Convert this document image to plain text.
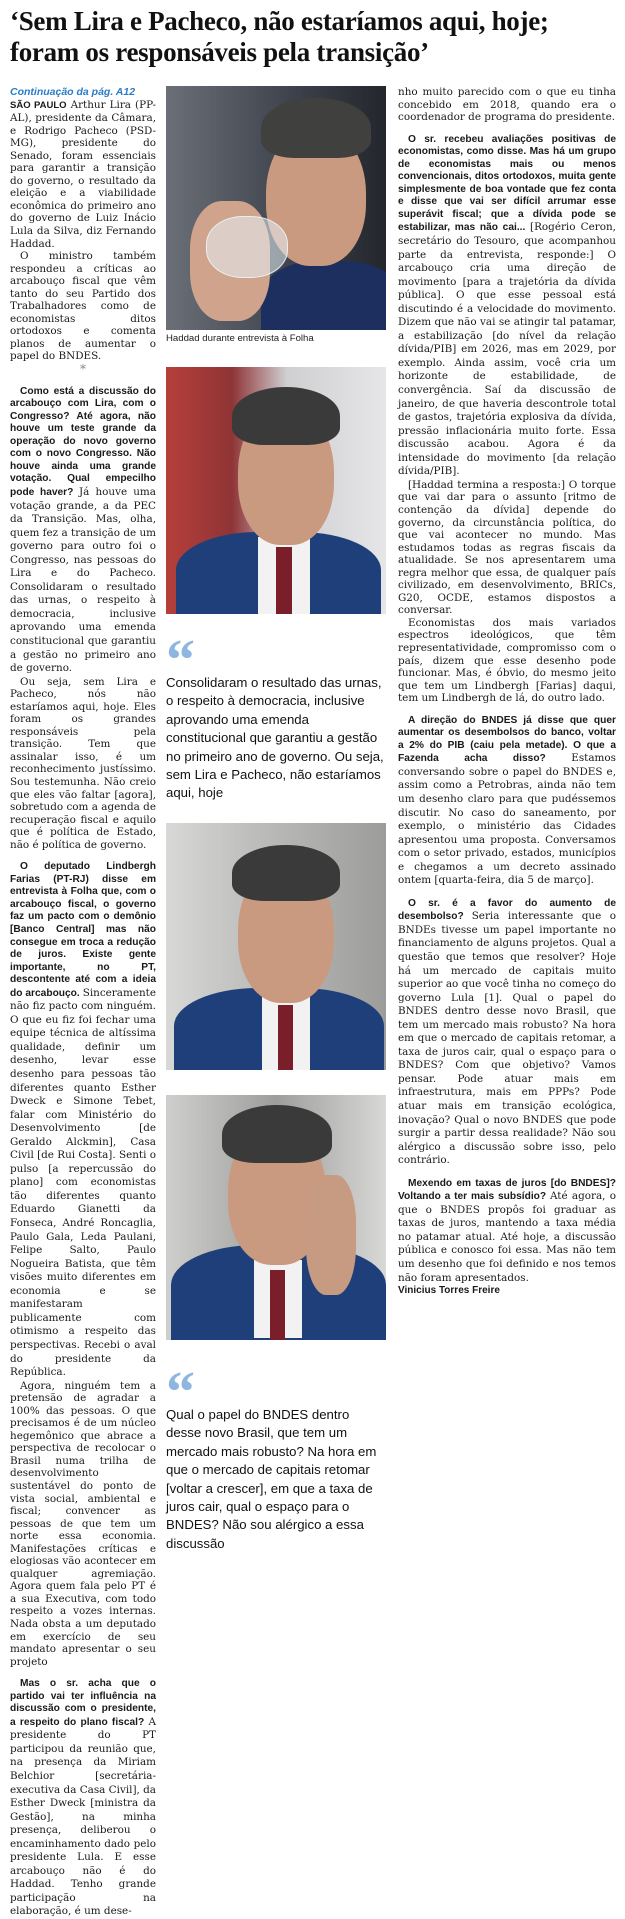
‘Sem Lira e Pacheco, não estaríamos aqui, hoje; foram os responsáveis pela transição’
Continuação da pág. A12

SÃO PAULO Arthur Lira (PP-AL), presidente da Câmara, e Rodrigo Pacheco (PSD-MG), presidente do Senado, foram essenciais para garantir a transição do governo, o resultado da eleição e a viabilidade econômica do primeiro ano do governo de Luiz Inácio Lula da Silva, diz Fernando Haddad.

O ministro também respondeu a críticas ao arcabouço fiscal que vêm tanto do seu Partido dos Trabalhadores como de economistas ditos ortodoxos e comenta planos de aumentar o papel do BNDES.

*

Como está a discussão do arcabouço com Lira, com o Congresso? Até agora, não houve um teste grande da operação do novo governo com o novo Congresso. Não houve ainda uma grande votação. Qual empecilho pode haver? Já houve uma votação grande, a da PEC da Transição. Mas, olha, quem fez a transição de um governo para outro foi o Congresso, nas pessoas do Lira e do Pacheco. Consolidaram o resultado das urnas, o respeito à democracia, inclusive aprovando uma emenda constitucional que garantiu a gestão no primeiro ano de governo.

Ou seja, sem Lira e Pacheco, nós não estaríamos aqui, hoje. Eles foram os grandes responsáveis pela transição. Tem que assinalar isso, é um reconhecimento justíssimo. Sou testemunha. Não creio que eles vão faltar [agora], sobretudo com a agenda de recuperação fiscal e aquilo que é política de Estado, não é política de governo.

O deputado Lindbergh Farias (PT-RJ) disse em entrevista à Folha que, com o arcabouço fiscal, o governo faz um pacto com o demônio [Banco Central] mas não consegue em troca a redução de juros. Existe gente importante, no PT, descontente até com a ideia do arcabouço. Sinceramente não fiz pacto com ninguém. O que eu fiz foi fechar uma equipe técnica de altíssima qualidade, definir um desenho, levar esse desenho para pessoas tão diferentes quanto Esther Dweck e Simone Tebet, falar com Ministério do Desenvolvimento [de Geraldo Alckmin], Casa Civil [de Rui Costa]. Senti o pulso [a repercussão do plano] com economistas tão diferentes quanto Eduardo Gianetti da Fonseca, André Roncaglia, Paulo Gala, Leda Paulani, Felipe Salto, Paulo Nogueira Batista, que têm visões muito diferentes em economia e se manifestaram publicamente com otimismo a respeito das perspectivas. Recebi o aval do presidente da República.

Agora, ninguém tem a pretensão de agradar a 100% das pessoas. O que precisamos é de um núcleo hegemônico que abrace a perspectiva de recolocar o Brasil numa trilha de desenvolvimento sustentável do ponto de vista social, ambiental e fiscal; convencer as pessoas de que tem um norte essa economia. Manifestações críticas e elogiosas vão acontecer em qualquer agremiação. Agora quem fala pelo PT é a sua Executiva, com todo respeito a vozes internas. Nada obsta a um deputado em exercício de seu mandato apresentar o seu projeto

Mas o sr. acha que o partido vai ter influência na discussão com o presidente, a respeito do plano fiscal? A presidente do PT participou da reunião que, na presença da Miriam Belchior [secretária-executiva da Casa Civil], da Esther Dweck [ministra da Gestão], na minha presença, deliberou o encaminhamento dado pelo presidente Lula. E esse arcabouço não é do Haddad. Tenho grande participação na elaboração, é um dese-

Haddad durante entrevista à Folha
“
Consolidaram o resultado das urnas, o respeito à democracia, inclusive aprovando uma emenda constitucional que garantiu a gestão no primeiro ano de governo. Ou seja, sem Lira e Pacheco, não estaríamos aqui, hoje
“
Qual o papel do BNDES dentro desse novo Brasil, que tem um mercado mais robusto? Na hora em que o mercado de capitais retomar [voltar a crescer], em que a taxa de juros cair, qual o espaço para o BNDES? Não sou alérgico a essa discussão

nho muito parecido com o que eu tinha concebido em 2018, quando era o coordenador de programa do presidente.

O sr. recebeu avaliações positivas de economistas, como disse. Mas há um grupo de economistas mais ou menos convencionais, ditos ortodoxos, muita gente simplesmente de boa vontade que fez conta e disse que vai ser difícil arrumar esse superávit fiscal; que a dívida pode se estabilizar, mas não cai... [Rogério Ceron, secretário do Tesouro, que acompanhou parte da entrevista, responde:] O arcabouço cria uma direção de movimento [para a trajetória da dívida pública]. O que esse pessoal está discutindo é a velocidade do movimento. Dizem que não vai se atingir tal patamar, a estabilização [do nível da relação dívida/PIB] em 2026, mas em 2029, por exemplo. Ainda assim, você cria um horizonte de estabilidade, de convergência. Saí da discussão de janeiro, de que haveria descontrole total de gastos, trajetória explosiva da dívida, pressão inflacionária muito forte. Essa discussão acabou. Agora é da intensidade do movimento [da relação dívida/PIB].

[Haddad termina a resposta:] O torque que vai dar para o assunto [ritmo de contenção da dívida] depende do governo, da circunstância política, do que vai acontecer no mundo. Mas estudamos todas as regras fiscais da atualidade. Se nos apresentarem uma regra melhor que essa, de qualquer país civilizado, em desenvolvimento, BRICs, G20, OCDE, estamos dispostos a conversar.

Economistas dos mais variados espectros ideológicos, que têm representatividade, compromisso com o país, dizem que esse desenho pode funcionar. Mas, é óbvio, do mesmo jeito que tem um Lindbergh [Farias] daqui, tem um Lindbergh de lá, do outro lado.

A direção do BNDES já disse que quer aumentar os desembolsos do banco, voltar a 2% do PIB (caiu pela metade). O que a Fazenda acha disso? Estamos conversando sobre o papel do BNDES e, assim como a Petrobras, ainda não tem um desenho claro para que pudéssemos discutir. No caso do saneamento, por exemplo, o ministério das Cidades apresentou uma proposta. Conversamos com o setor privado, estados, municípios e chegamos a um decreto assinado ontem [quarta-feira, dia 5 de março].

O sr. é a favor do aumento de desembolso? Seria interessante que o BNDEs tivesse um papel importante no financiamento de alguns projetos. Qual a questão que temos que resolver? Hoje há um mercado de capitais muito superior ao que você tinha no começo do governo Lula [1]. Qual o papel do BNDES dentro desse novo Brasil, que tem um mercado mais robusto? Na hora em que o mercado de capitais retomar, a taxa de juros cair, qual o espaço para o BNDES? Com que objetivo? Vamos pensar. Pode atuar mais em infraestrutura, mais em PPPs? Pode atuar mais em transição ecológica, inovação? Qual o novo BNDES que pode surgir a partir dessa realidade? Não sou alérgico a discussão sobre isso, pelo contrário.

Mexendo em taxas de juros [do BNDES]? Voltando a ter mais subsídio? Até agora, o que o BNDES propôs foi graduar as taxas de juros, mantendo a taxa média no patamar atual. Até hoje, a discussão pública e conosco foi essa. Mas não tem um desenho que foi definido e nos temos não foram apresentados.

Vinicius Torres Freire
